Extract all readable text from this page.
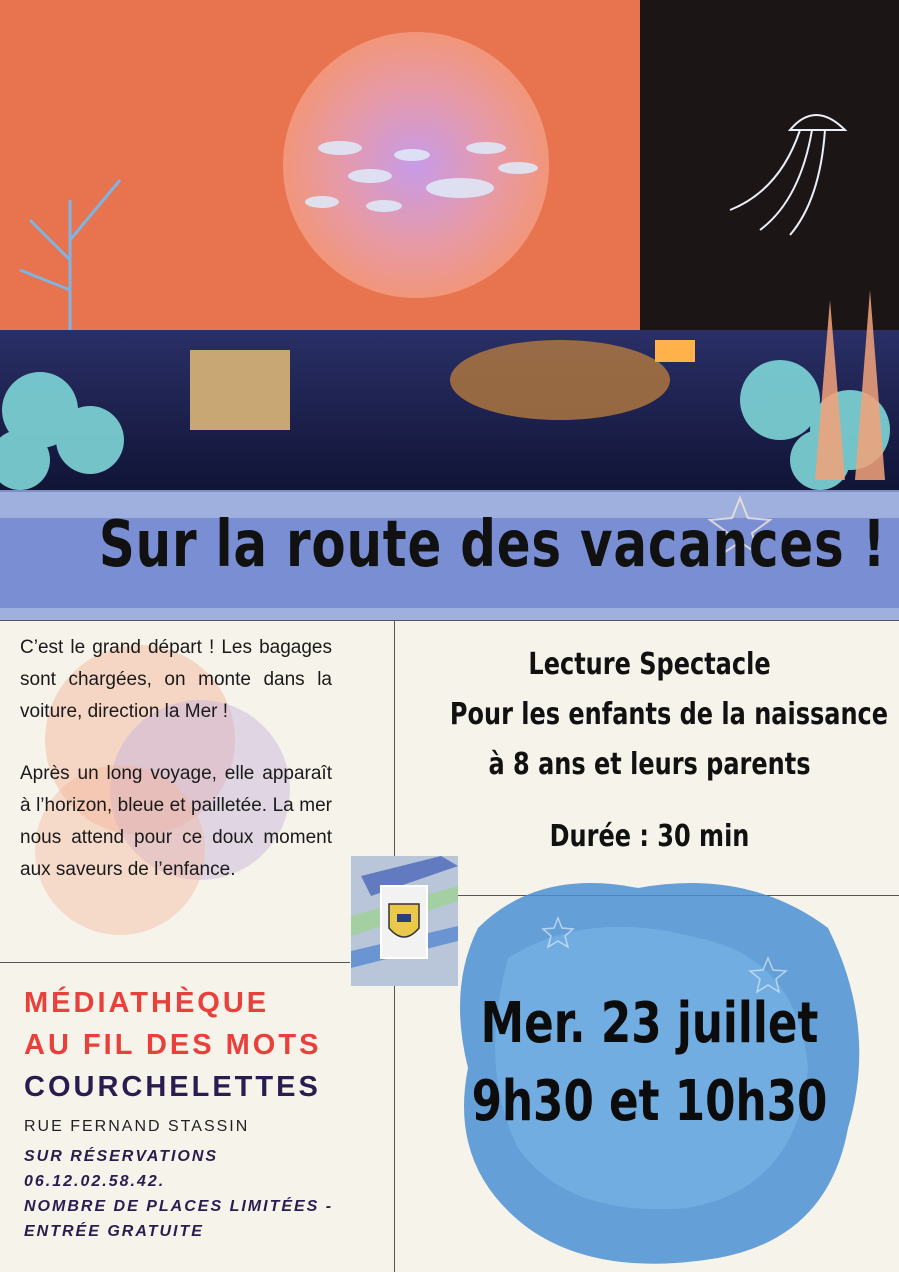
Sur la route des vacances !

C’est le grand départ ! Les bagages sont chargées, on monte dans la voiture, direction la Mer !

Après un long voyage, elle apparaît à l’horizon, bleue et pailletée. La mer nous attend pour ce doux moment aux saveurs de l’enfance.

Lecture Spectacle
Pour les enfants de la naissance
à 8 ans et leurs parents
Durée : 30 min
MÉDIATHÈQUE
AU FIL DES MOTS
COURCHELETTES
RUE FERNAND STASSIN
SUR RÉSERVATIONS
06.12.02.58.42.
NOMBRE DE PLACES LIMITÉES -
ENTRÉE GRATUITE
Mer. 23 juillet
9h30 et 10h30
